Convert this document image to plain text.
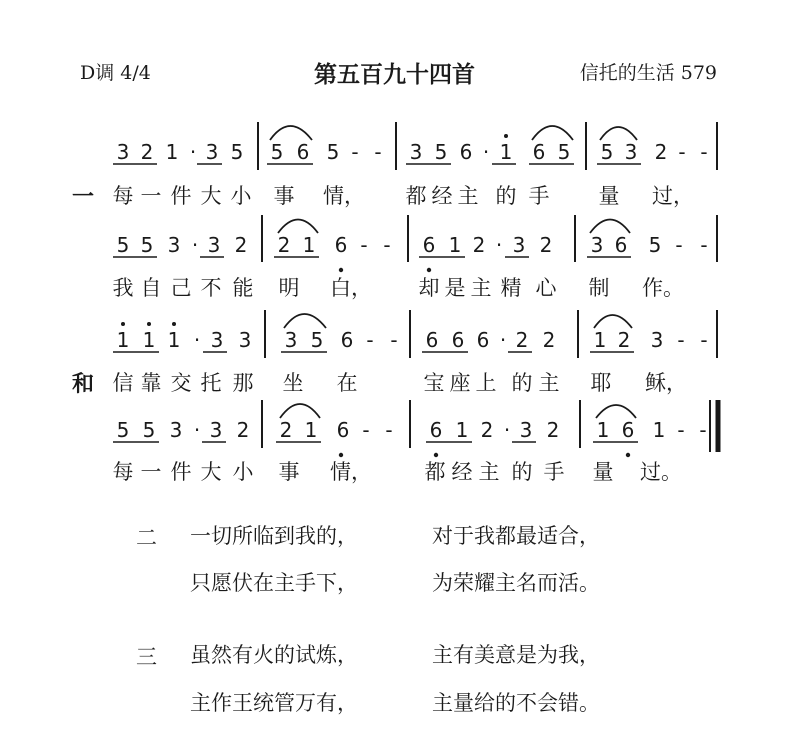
D调 4/4	第五百九十四首	信托的生活 579
3 2 1 · 3 5 5 6 5 - - 3 5 6 · 1 6 5 5 3 2 - -
一 每 一 件 大 小 事 情， 都 经 主 的 手 量 过，
5 5 3 · 3 2 2 1 6 - - 6 1 2 · 3 2 3 6 5 - -
我 自 己 不 能 明 白， 却 是 主 精 心 制 作。
1 1 1 · 3 3 3 5 6 - - 6 6 6 · 2 2 1 2 3 - -
和 信 靠 交 托 那 坐 在	宝 座 上 的 主 耶 稣，
5 5 3 · 3 2 2 1 6 - - 6 1 2 · 3 2 1 6 1 - -
每 一 件 大 小 事 情，	都 经 主 的 手 量 过。
二 一切所临到我的，	对于我都最适合，
只愿伏在主手下，	为荣耀主名而活。
三 虽然有火的试炼，	主有美意是为我，
主作王统管万有，	主量给的不会错。
